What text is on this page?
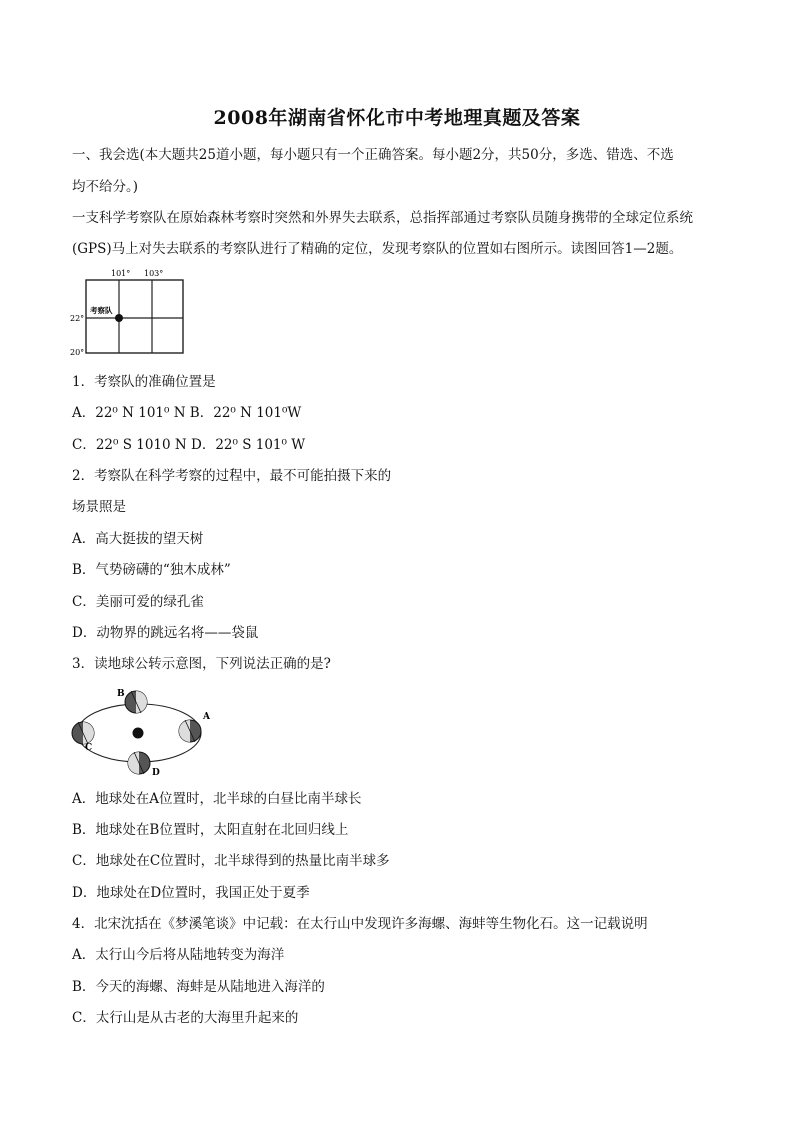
2008年湖南省怀化市中考地理真题及答案
一、我会选(本大题共25道小题，每小题只有一个正确答案。每小题2分，共50分，多选、错选、不选
均不给分。)
一支科学考察队在原始森林考察时突然和外界失去联系，总指挥部通过考察队员随身携带的全球定位系统
(GPS)马上对失去联系的考察队进行了精确的定位，发现考察队的位置如右图所示。读图回答1—2题。
101° 103°
22°
20°
考察队
1．考察队的准确位置是
A．22⁰ N 101⁰ N B．22⁰ N 101⁰W
C．22⁰ S 1010 N D．22⁰ S 101⁰ W
2．考察队在科学考察的过程中，最不可能拍摄下来的
场景照是
A．高大挺拔的望天树
B．气势磅礴的“独木成林”
C．美丽可爱的绿孔雀
D．动物界的跳远名将——袋鼠
3．读地球公转示意图，下列说法正确的是?
A
B
C
D
A．地球处在A位置时，北半球的白昼比南半球长
B．地球处在B位置时，太阳直射在北回归线上
C．地球处在C位置时，北半球得到的热量比南半球多
D．地球处在D位置时，我国正处于夏季
4．北宋沈括在《梦溪笔谈》中记载：在太行山中发现许多海螺、海蚌等生物化石。这一记载说明
A．太行山今后将从陆地转变为海洋
B．今天的海螺、海蚌是从陆地进入海洋的
C．太行山是从古老的大海里升起来的
